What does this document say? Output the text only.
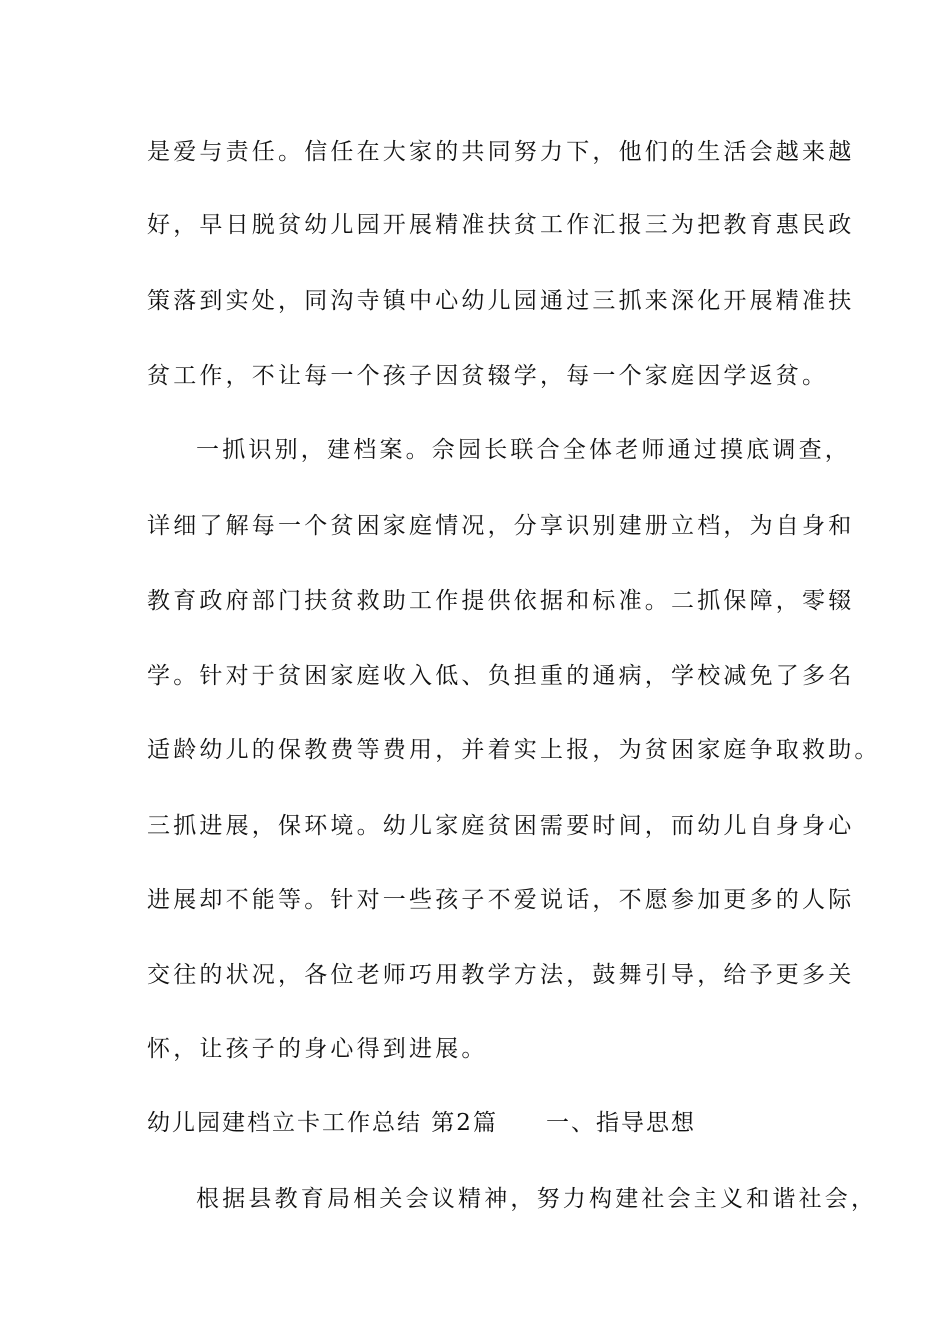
是爱与责任。信任在大家的共同努力下，他们的生活会越来越
好，早日脱贫幼儿园开展精准扶贫工作汇报三为把教育惠民政
策落到实处，同沟寺镇中心幼儿园通过三抓来深化开展精准扶
贫工作，不让每一个孩子因贫辍学，每一个家庭因学返贫。
一抓识别，建档案。佘园长联合全体老师通过摸底调查，
详细了解每一个贫困家庭情况，分享识别建册立档，为自身和
教育政府部门扶贫救助工作提供依据和标准。二抓保障，零辍
学。针对于贫困家庭收入低、负担重的通病，学校减免了多名
适龄幼儿的保教费等费用，并着实上报，为贫困家庭争取救助。
三抓进展，保环境。幼儿家庭贫困需要时间，而幼儿自身身心
进展却不能等。针对一些孩子不爱说话，不愿参加更多的人际
交往的状况，各位老师巧用教学方法，鼓舞引导，给予更多关
怀，让孩子的身心得到进展。
幼儿园建档立卡工作总结 第2篇 一、指导思想
根据县教育局相关会议精神，努力构建社会主义和谐社会，
